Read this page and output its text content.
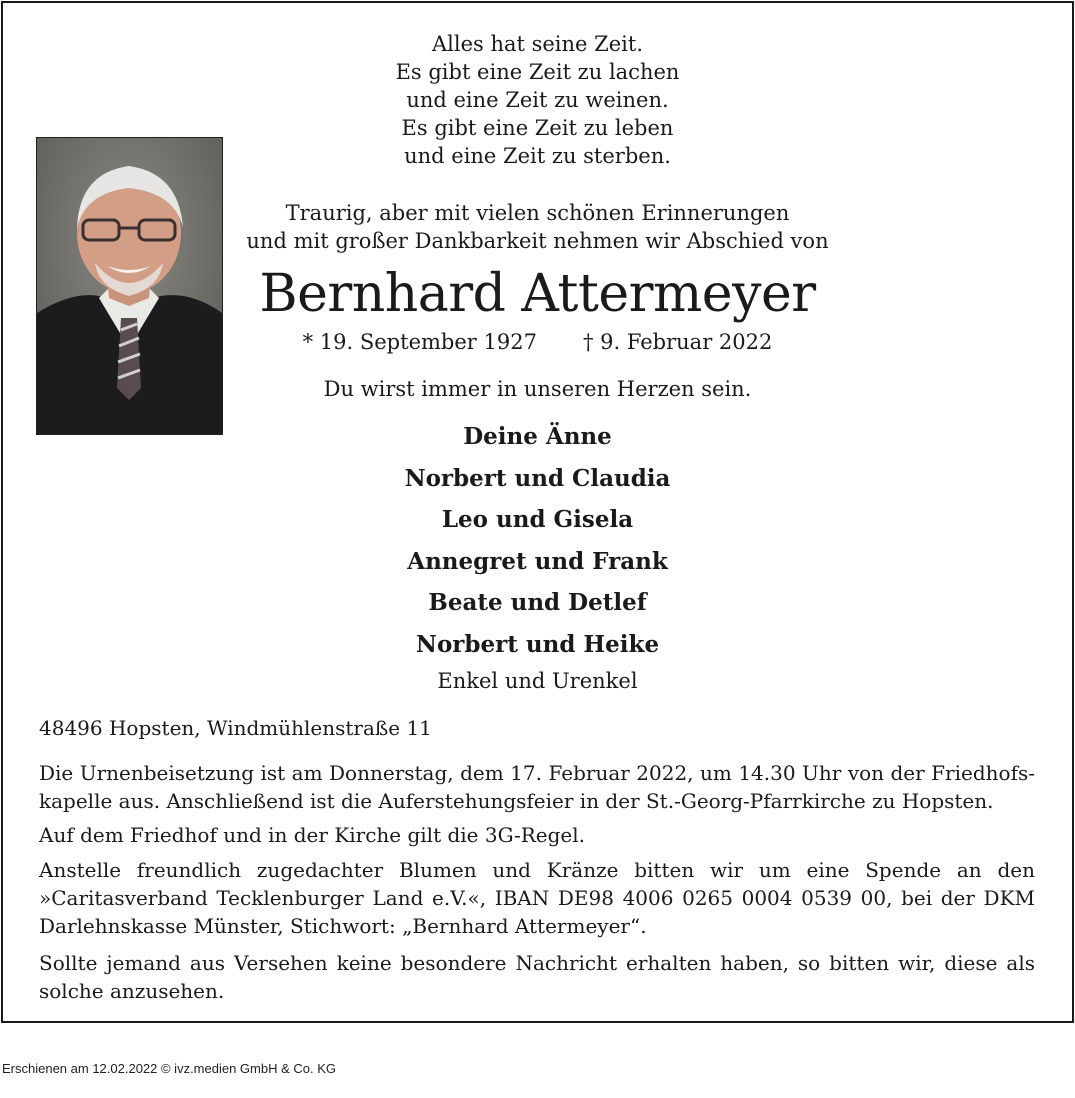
Alles hat seine Zeit.
Es gibt eine Zeit zu lachen
und eine Zeit zu weinen.
Es gibt eine Zeit zu leben
und eine Zeit zu sterben.
Traurig, aber mit vielen schönen Erinnerungen
und mit großer Dankbarkeit nehmen wir Abschied von
Bernhard Attermeyer
* 19. September 1927 † 9. Februar 2022
Du wirst immer in unseren Herzen sein.
Deine Änne
Norbert und Claudia
Leo und Gisela
Annegret und Frank
Beate und Detlef
Norbert und Heike
Enkel und Urenkel
48496 Hopsten, Windmühlenstraße 11
Die Urnenbeisetzung ist am Donnerstag, dem 17. Februar 2022, um 14.30 Uhr von der Friedhofskapelle aus. Anschließend ist die Auferstehungsfeier in der St.-Georg-Pfarrkirche zu Hopsten.
Auf dem Friedhof und in der Kirche gilt die 3G-Regel.
Anstelle freundlich zugedachter Blumen und Kränze bitten wir um eine Spende an den »Caritasverband Tecklenburger Land e.V.«, IBAN DE98 4006 0265 0004 0539 00, bei der DKM Darlehnskasse Münster, Stichwort: „Bernhard Attermeyer“.
Sollte jemand aus Versehen keine besondere Nachricht erhalten haben, so bitten wir, diese als solche anzusehen.
Erschienen am 12.02.2022 © ivz.medien GmbH & Co. KG
